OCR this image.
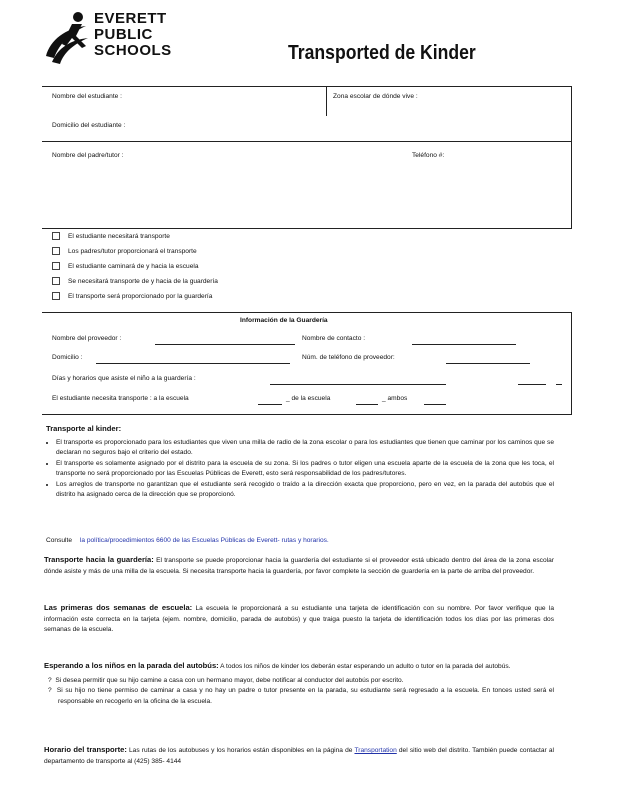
EVERETT
PUBLIC
SCHOOLS	Transported de Kinder
Nombre del estudiante :	Zona escolar de dónde vive :
Domicilio del estudiante :
Nombre del padre/tutor :	Teléfono #:
El estudiante necesitará transporte
Los padres/tutor proporcionará el transporte
El estudiante caminará de y hacia la escuela
Se necesitará transporte de y hacia de la guardería
El transporte será proporcionado por la guardería
Información de la Guardería
Nombre del proveedor :	Nombre de contacto :
Domicilio :	Núm. de teléfono de proveedor:
Días y horarios que asiste el niño a la guardería :
El estudiante necesita transporte : a la escuela	_ de la escuela	_ ambos
Transporte al kinder:
• El transporte es proporcionado para los estudiantes que viven una milla de radio de la zona escolar o para los estudiantes que tienen que caminar por los caminos que se declaran no seguros bajo el criterio del estado.
• El transporte es solamente asignado por el distrito para la escuela de su zona. Si los padres o tutor eligen una escuela aparte de la escuela de la zona que les toca, el transporte no será proporcionado por las Escuelas Públicas de Everett, esto será responsabilidad de los padres/tutores.
• Los arreglos de transporte no garantizan que el estudiante será recogido o traído a la dirección exacta que proporciono, pero en vez, en la parada del autobús que el distrito ha asignado cerca de la dirección que se proporcionó.
Consulte la política/procedimientos 6600 de las Escuelas Públicas de Everett- rutas y horarios.
Transporte hacia la guardería: El transporte se puede proporcionar hacia la guardería del estudiante si el proveedor está ubicado dentro del área de la zona escolar dónde asiste y más de una milla de la escuela. Si necesita transporte hacia la guardería, por favor complete la sección de guardería en la parte de arriba del proveedor.
Las primeras dos semanas de escuela: La escuela le proporcionará a su estudiante una tarjeta de identificación con su nombre. Por favor verifique que la información este correcta en la tarjeta (ejem. nombre, domicilio, parada de autobús) y que traiga puesto la tarjeta de identificación todos los días por las primeras dos semanas de la escuela.
Esperando a los niños en la parada del autobús: A todos los niños de kinder los deberán estar esperando un adulto o tutor en la parada del autobús.
?  Si desea permitir que su hijo camine a casa con un hermano mayor, debe notificar al conductor del autobús por escrito.
?  Si su hijo no tiene permiso de caminar a casa y no hay un padre o tutor presente en la parada, su estudiante será regresado a la escuela. En tonces usted será el responsable en recogerlo en la oficina de la escuela.
Horario del transporte: Las rutas de los autobuses y los horarios están disponibles en la página de Transportation del sitio web del distrito. También puede contactar al departamento de transporte al (425) 385- 4144
